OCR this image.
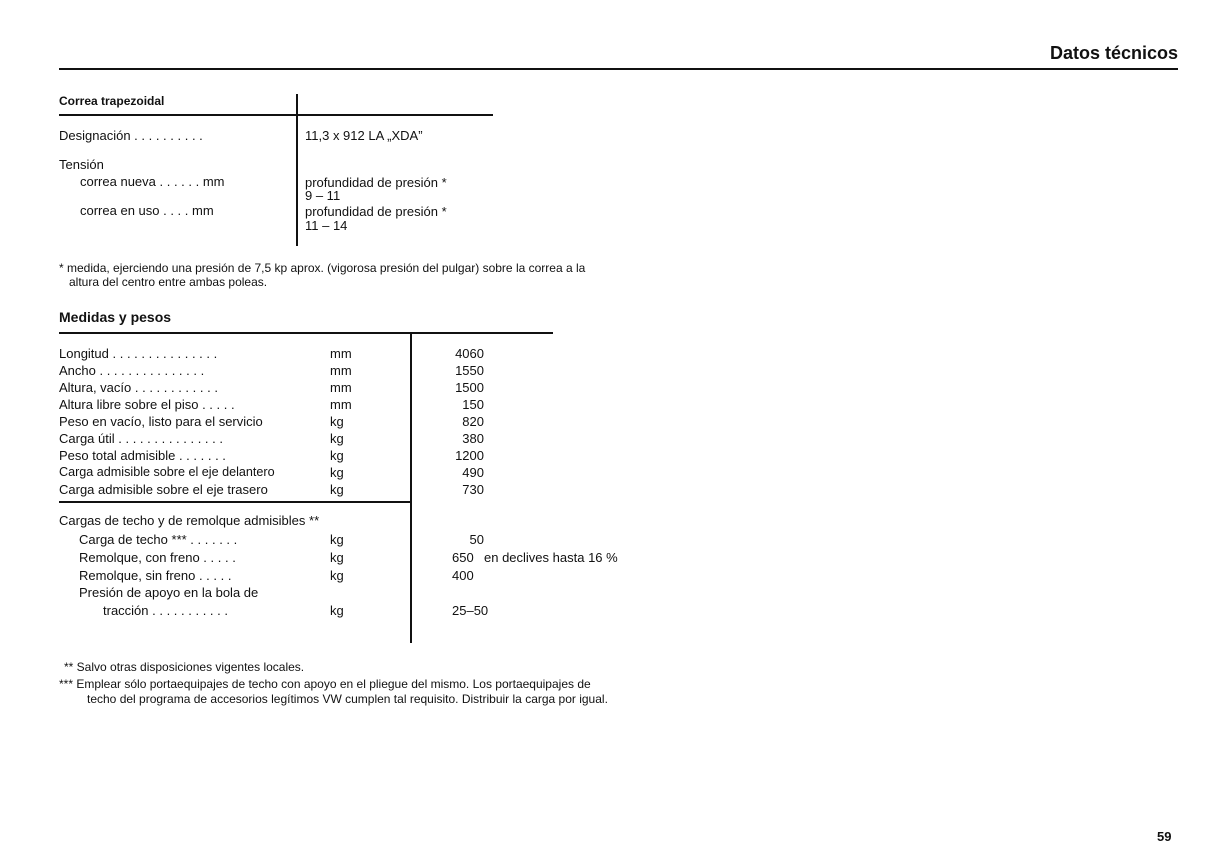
Datos técnicos
Correa trapezoidal
Designación . . . . . . . . . .	11,3 x 912 LA „XDA”
Tensión
correa nueva . . . . . . mm	profundidad de presión *
9 – 11
correa en uso . . . . mm	profundidad de presión *
11 – 14
* medida, ejerciendo una presión de 7,5 kp aprox. (vigorosa presión del pulgar) sobre la correa a la
altura del centro entre ambas poleas.
Medidas y pesos
Longitud . . . . . . . . . . . . . . .	mm	4060
Ancho . . . . . . . . . . . . . . .	mm	1550
Altura, vacío . . . . . . . . . . . .	mm	1500
Altura libre sobre el piso . . . . .	mm	150
Peso en vacío, listo para el servicio	kg	820
Carga útil . . . . . . . . . . . . . . .	kg	380
Peso total admisible . . . . . . .	kg	1200
Carga admisible sobre el eje delantero	kg	490
Carga admisible sobre el eje trasero	kg	730
Cargas de techo y de remolque admisibles **
Carga de techo *** . . . . . . .	kg	50
Remolque, con freno . . . . .	kg	650 en declives hasta 16 %
Remolque, sin freno . . . . .	kg	400
Presión de apoyo en la bola de
tracción . . . . . . . . . . .	kg	25–50
** Salvo otras disposiciones vigentes locales.
*** Emplear sólo portaequipajes de techo con apoyo en el pliegue del mismo. Los portaequipajes de
techo del programa de accesorios legítimos VW cumplen tal requisito. Distribuir la carga por igual.
59
